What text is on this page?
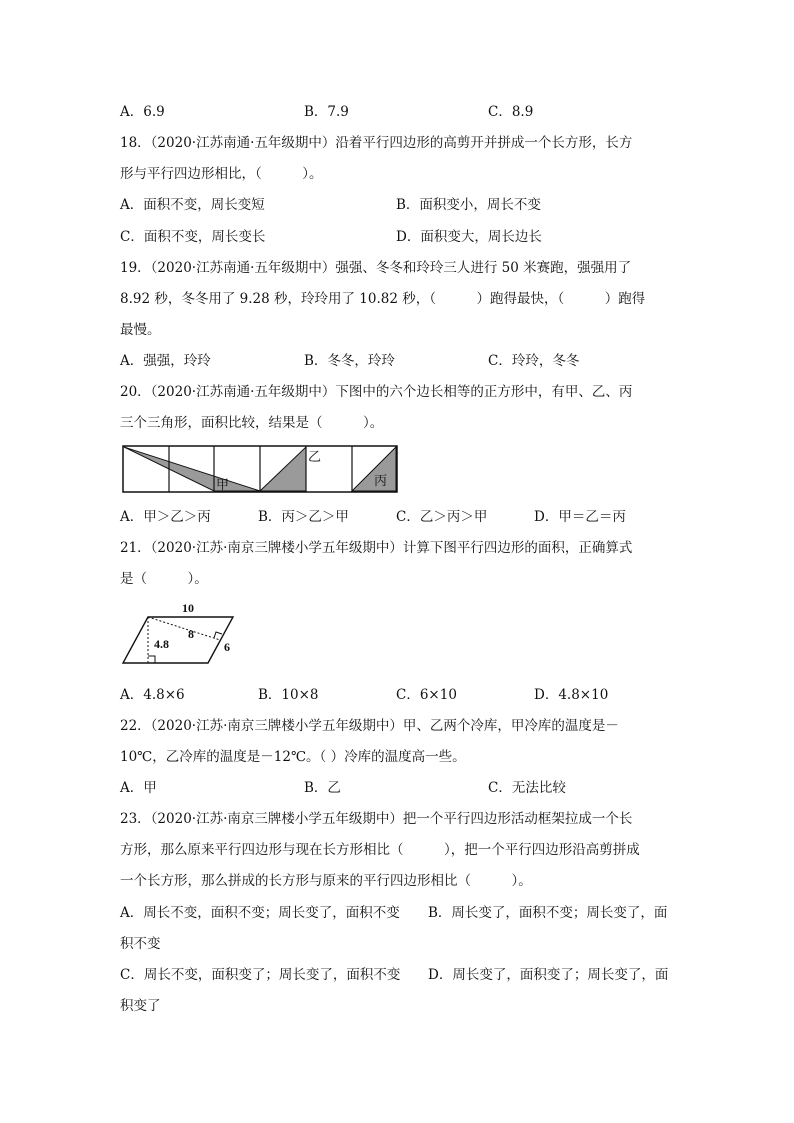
A．6.9	B．7.9	C．8.9
18．（2020·江苏南通·五年级期中）沿着平行四边形的高剪开并拼成一个长方形，长方
形与平行四边形相比，（　　　）。
A．面积不变，周长变短	B．面积变小，周长不变
C．面积不变，周长变长	D．面积变大，周长边长
19．（2020·江苏南通·五年级期中）强强、冬冬和玲玲三人进行 50 米赛跑，强强用了
8.92 秒，冬冬用了 9.28 秒，玲玲用了 10.82 秒，（　　　）跑得最快，（　　　）跑得
最慢。
A．强强，玲玲	B．冬冬，玲玲	C．玲玲，冬冬
20．（2020·江苏南通·五年级期中）下图中的六个边长相等的正方形中，有甲、乙、丙
三个三角形，面积比较，结果是（　　　）。
甲
乙
丙
A．甲＞乙＞丙	B．丙＞乙＞甲	C．乙＞丙＞甲	D．甲＝乙＝丙
21．（2020·江苏·南京三牌楼小学五年级期中）计算下图平行四边形的面积，正确算式
是（　　　）。
10
8
4.8	6
A．4.8×6	B．10×8	C．6×10	D．4.8×10
22．（2020·江苏·南京三牌楼小学五年级期中）甲、乙两个冷库，甲冷库的温度是－
10℃，乙冷库的温度是－12℃。（ ）冷库的温度高一些。
A．甲	B．乙	C．无法比较
23．（2020·江苏·南京三牌楼小学五年级期中）把一个平行四边形活动框架拉成一个长
方形，那么原来平行四边形与现在长方形相比（　　　），把一个平行四边形沿高剪拼成
一个长方形，那么拼成的长方形与原来的平行四边形相比（　　　）。
A．周长不变，面积不变；周长变了，面积不变 B．周长变了，面积不变；周长变了，面
积不变
C．周长不变，面积变了；周长变了，面积不变 D．周长变了，面积变了；周长变了，面
积变了
